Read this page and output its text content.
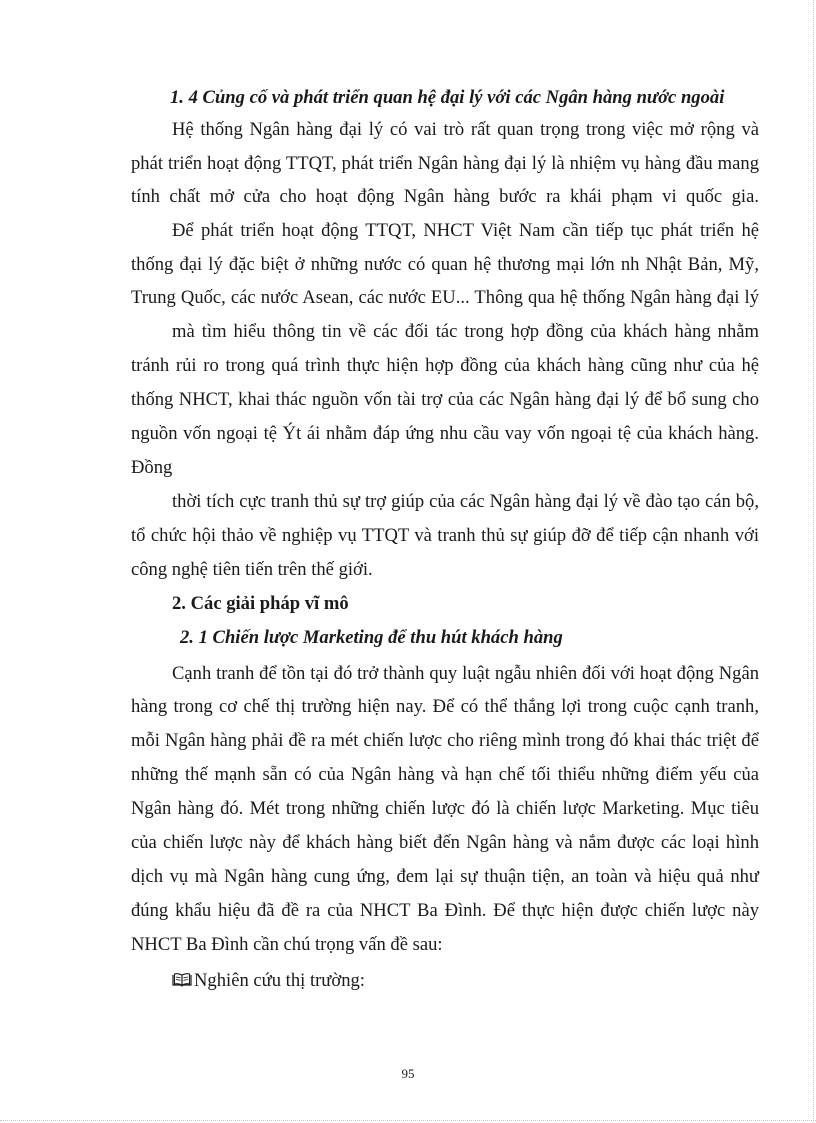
1. 4 Củng cố và phát triển quan hệ đại lý với các Ngân hàng nước ngoài
Hệ thống Ngân hàng đại lý có vai trò rất quan trọng trong việc mở rộng và
phát triển hoạt động TTQT, phát triển Ngân hàng đại lý là nhiệm vụ hàng đầu mang
tính chất mở cửa cho hoạt động Ngân hàng bước ra khái phạm vi quốc gia.
Để phát triển hoạt động TTQT, NHCT Việt Nam cần tiếp tục phát triển hệ
thống đại lý đặc biệt ở những nước có quan hệ thương mại lớn nh Nhật Bản, Mỹ,
Trung Quốc, các nước Asean, các nước EU... Thông qua hệ thống Ngân hàng đại lý
mà tìm hiểu thông tin về các đối tác trong hợp đồng của khách hàng nhằm
tránh rủi ro trong quá trình thực hiện hợp đồng của khách hàng cũng như của hệ
thống NHCT, khai thác nguồn vốn tài trợ của các Ngân hàng đại lý để bổ sung cho
nguồn vốn ngoại tệ Ýt ái nhằm đáp ứng nhu cầu vay vốn ngoại tệ của khách hàng.
Đồng
thời tích cực tranh thủ sự trợ giúp của các Ngân hàng đại lý về đào tạo cán bộ,
tổ chức hội thảo về nghiệp vụ TTQT và tranh thủ sự giúp đỡ để tiếp cận nhanh với
công nghệ tiên tiến trên thế giới.
2. Các giải pháp vĩ mô
2. 1 Chiến lược Marketing để thu hút khách hàng
Cạnh tranh để tồn tại đó trở thành quy luật ngẫu nhiên đối với hoạt động Ngân
hàng trong cơ chế thị trường hiện nay. Để có thể thắng lợi trong cuộc cạnh tranh,
mỗi Ngân hàng phải đề ra mét chiến lược cho riêng mình trong đó khai thác triệt để
những thế mạnh sẵn có của Ngân hàng và hạn chế tối thiểu những điểm yếu của
Ngân hàng đó. Mét trong những chiến lược đó là chiến lược Marketing. Mục tiêu
của chiến lược này để khách hàng biết đến Ngân hàng và nắm được các loại hình
dịch vụ mà Ngân hàng cung ứng, đem lại sự thuận tiện, an toàn và hiệu quả như
đúng khẩu hiệu đã đề ra của NHCT Ba Đình. Để thực hiện được chiến lược này
NHCT Ba Đình cần chú trọng vấn đề sau:
Nghiên cứu thị trường:
95
